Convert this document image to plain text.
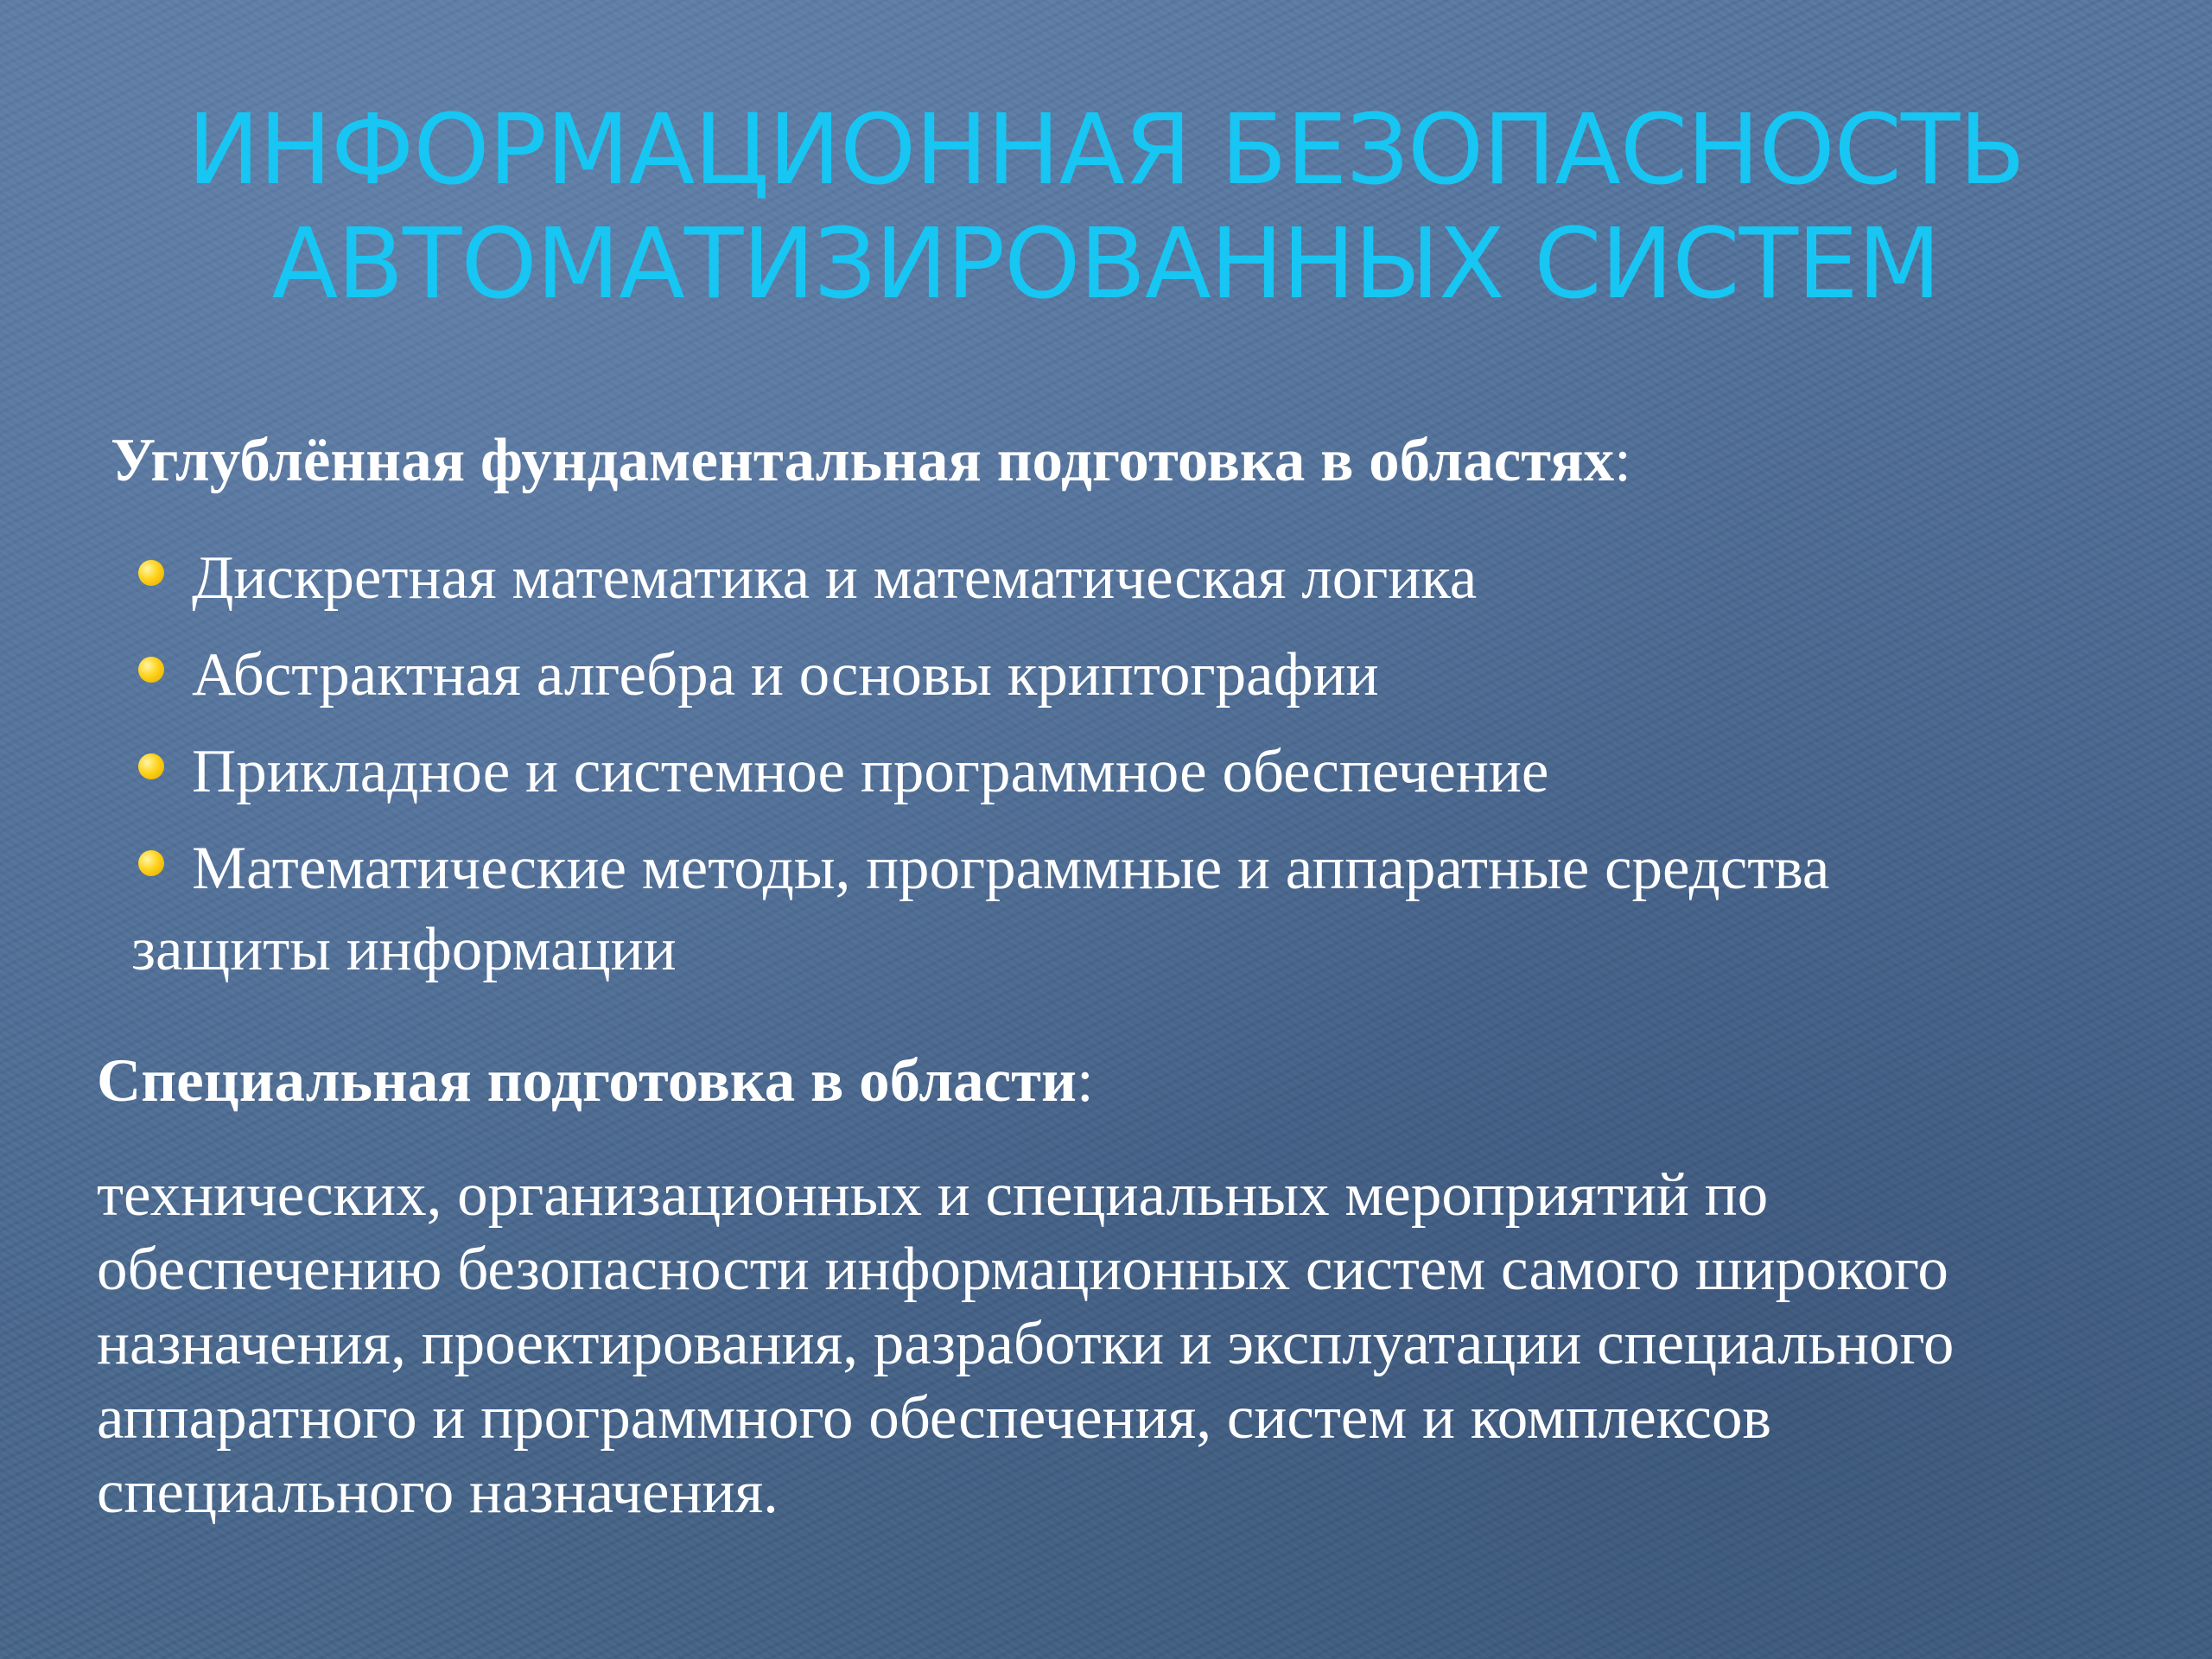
ИНФОРМАЦИОННАЯ БЕЗОПАСНОСТЬ
АВТОМАТИЗИРОВАННЫХ СИСТЕМ
Углублённая фундаментальная подготовка в областях:
Дискретная математика и математическая логика
Абстрактная алгебра и основы криптографии
Прикладное и системное программное обеспечение
Математические методы, программные и аппаратные средства
защиты информации
Специальная подготовка в области:
технических, организационных и специальных мероприятий по
обеспечению безопасности информационных систем самого широкого
назначения, проектирования, разработки и эксплуатации специального
аппаратного и программного обеспечения, систем и комплексов
специального назначения.
